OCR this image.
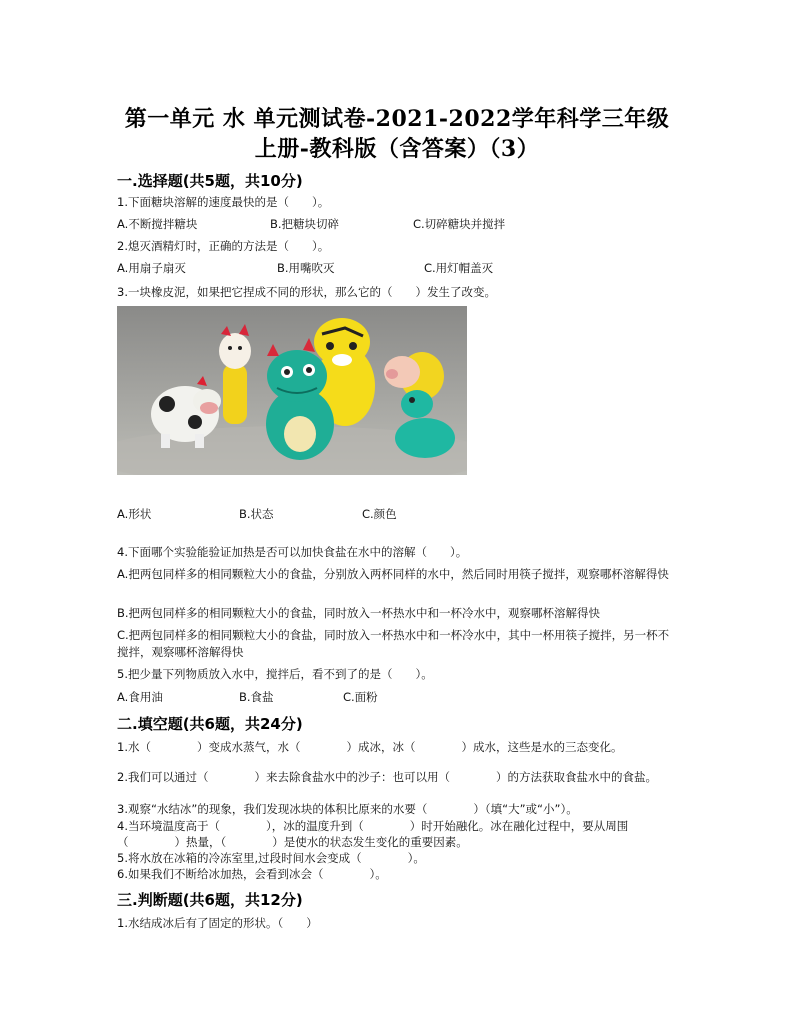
第一单元 水 单元测试卷-2021-2022学年科学三年级
上册-教科版（含答案）（3）
一.选择题(共5题，共10分)
1.下面糖块溶解的速度最快的是（　　）。
A.不断搅拌糖块	B.把糖块切碎	C.切碎糖块并搅拌
2.熄灭酒精灯时，正确的方法是（　　）。
A.用扇子扇灭	B.用嘴吹灭	C.用灯帽盖灭
3.一块橡皮泥，如果把它捏成不同的形状，那么它的（　　）发生了改变。
A.形状	B.状态	C.颜色
4.下面哪个实验能验证加热是否可以加快食盐在水中的溶解（　　）。
A.把两包同样多的相同颗粒大小的食盐，分别放入两杯同样的水中，然后同时用筷子搅拌，观察哪杯溶解得快
B.把两包同样多的相同颗粒大小的食盐，同时放入一杯热水中和一杯冷水中，观察哪杯溶解得快
C.把两包同样多的相同颗粒大小的食盐，同时放入一杯热水中和一杯冷水中，其中一杯用筷子搅拌，另一杯不搅拌，观察哪杯溶解得快
5.把少量下列物质放入水中，搅拌后，看不到了的是（　　）。
A.食用油	B.食盐	C.面粉
二.填空题(共6题，共24分)
1.水（　　　　）变成水蒸气，水（　　　　）成冰，冰（　　　　）成水，这些是水的三态变化。
2.我们可以通过（　　　　）来去除食盐水中的沙子：也可以用（　　　　）的方法获取食盐水中的食盐。
3.观察“水结冰”的现象，我们发现冰块的体积比原来的水要（　　　　）（填“大”或“小”）。
4.当环境温度高于（　　　　），冰的温度升到（　　　　）时开始融化。冰在融化过程中，要从周围（　　　　）热量，（　　　　）是使水的状态发生变化的重要因素。
5.将水放在冰箱的冷冻室里,过段时间水会变成（　　　　）。
6.如果我们不断给冰加热，会看到冰会（　　　　）。
三.判断题(共6题，共12分)
1.水结成冰后有了固定的形状。（　　）
